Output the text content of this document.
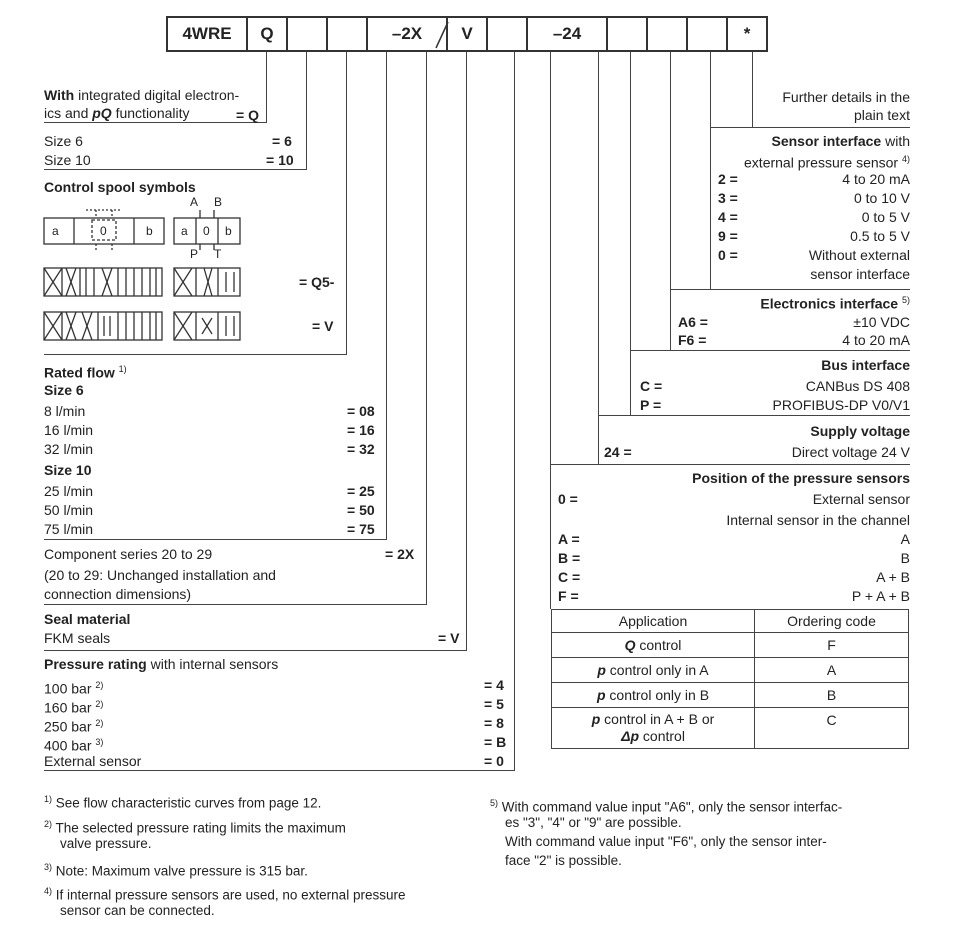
4WRE	Q	–2X	V	–24	*
With integrated digital electron-
ics and pQ functionality	= Q
Size 6	= 6
Size 10	= 10
Control spool symbols
A B
a	0	b a 0 b
P T
= Q5-
= V
Rated flow $^{1)}$
Size 6
8 l/min	= 08
16 l/min	= 16
32 l/min	= 32
Size 10
25 l/min	= 25
50 l/min	= 50
75 l/min	= 75
Component series 20 to 29	= 2X
(20 to 29: Unchanged installation and
connection dimensions)
Seal material
FKM seals	= V
Pressure rating with internal sensors
100 bar $^{2)}$	= 4
160 bar $^{2)}$	= 5
250 bar $^{2)}$	= 8
400 bar $^{3)}$	= B
External sensor	= 0
Further details in the
plain text
Sensor interface with
external pressure sensor $^{4)}$
2 =	4 to 20 mA
3 =	0 to 10 V
4 =	0 to 5 V
9 =	0.5 to 5 V
0 =	Without external
sensor interface
Electronics interface $^{5)}$
A6 =	±10 VDC
F6 =	4 to 20 mA
Bus interface
C =	CANBus DS 408
P =	PROFIBUS-DP V0/V1
Supply voltage
24 =	Direct voltage 24 V
Position of the pressure sensors
0 =	External sensor
Internal sensor in the channel
A =	A
B =	B
C =	A + B
F =	P + A + B
Application	Ordering code
Q control	F
p control only in A	A
p control only in B	B
p control in A + B or
Δp control	C
$^{1)}$ See flow characteristic curves from page 12.
$^{2)}$ The selected pressure rating limits the maximum
valve pressure.
$^{3)}$ Note: Maximum valve pressure is 315 bar.
$^{4)}$ If internal pressure sensors are used, no external pressure
sensor can be connected.
$^{5)}$ With command value input "A6", only the sensor interfac-
es "3", "4" or "9" are possible.
With command value input "F6", only the sensor inter-
face "2" is possible.
